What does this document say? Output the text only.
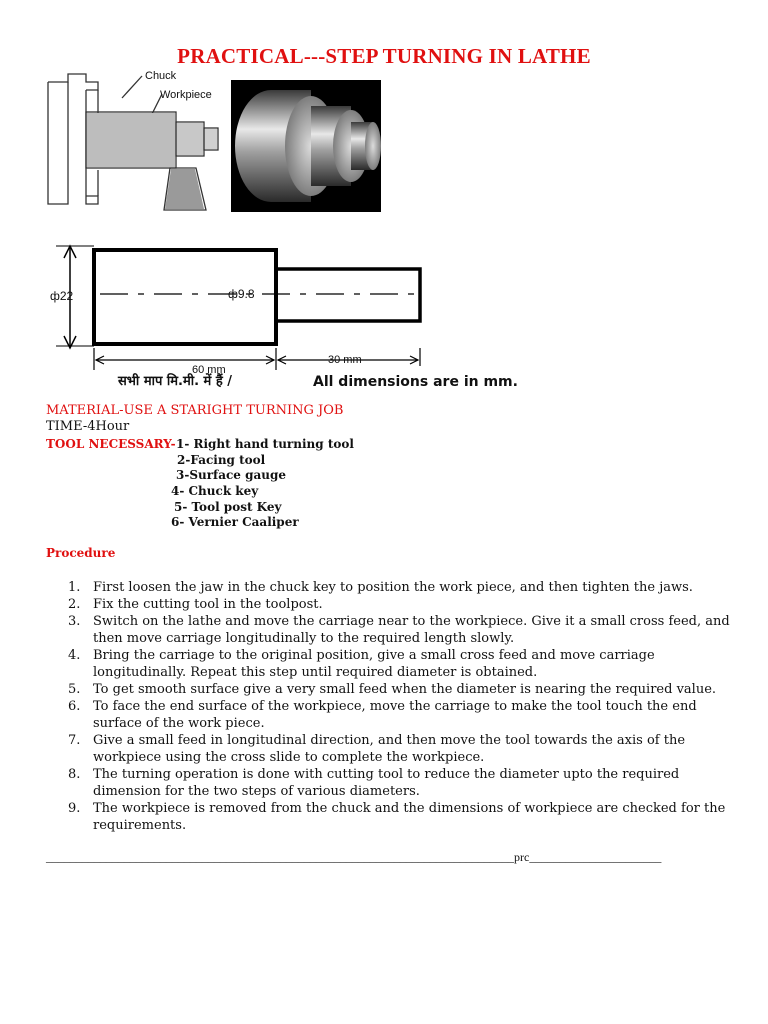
PRACTICAL---STEP TURNING IN LATHE
Chuck
Workpiece
ф22	ф9.8
60 mm
30 mm
सभी माप मि.मी. में हैं /	All dimensions are in mm.
MATERIAL-USE A STARIGHT TURNING JOB
TIME-4Hour
TOOL NECESSARY- 1- Right hand turning tool
2-Facing tool
3-Surface gauge
4- Chuck key
5- Tool post Key
6- Vernier Caaliper
Procedure
1. First loosen the jaw in the chuck key to position the work piece, and then tighten the jaws.
2. Fix the cutting tool in the toolpost.
3. Switch on the lathe and move the carriage near to the workpiece. Give it a small cross feed, and then move carriage longitudinally to the required length slowly.
4. Bring the carriage to the original position, give a small cross feed and move carriage longitudinally. Repeat this step until required diameter is obtained.
5. To get smooth surface give a very small feed when the diameter is nearing the required value.
6. To face the end surface of the workpiece, move the carriage to make the tool touch the end surface of the work piece.
7. Give a small feed in longitudinal direction, and then move the tool towards the axis of the workpiece using the cross slide to complete the workpiece.
8. The turning operation is done with cutting tool to reduce the diameter upto the required dimension for the two steps of various diameters.
9. The workpiece is removed from the chuck and the dimensions of workpiece are checked for the requirements.
______________________________________________________________________________prc______________________
